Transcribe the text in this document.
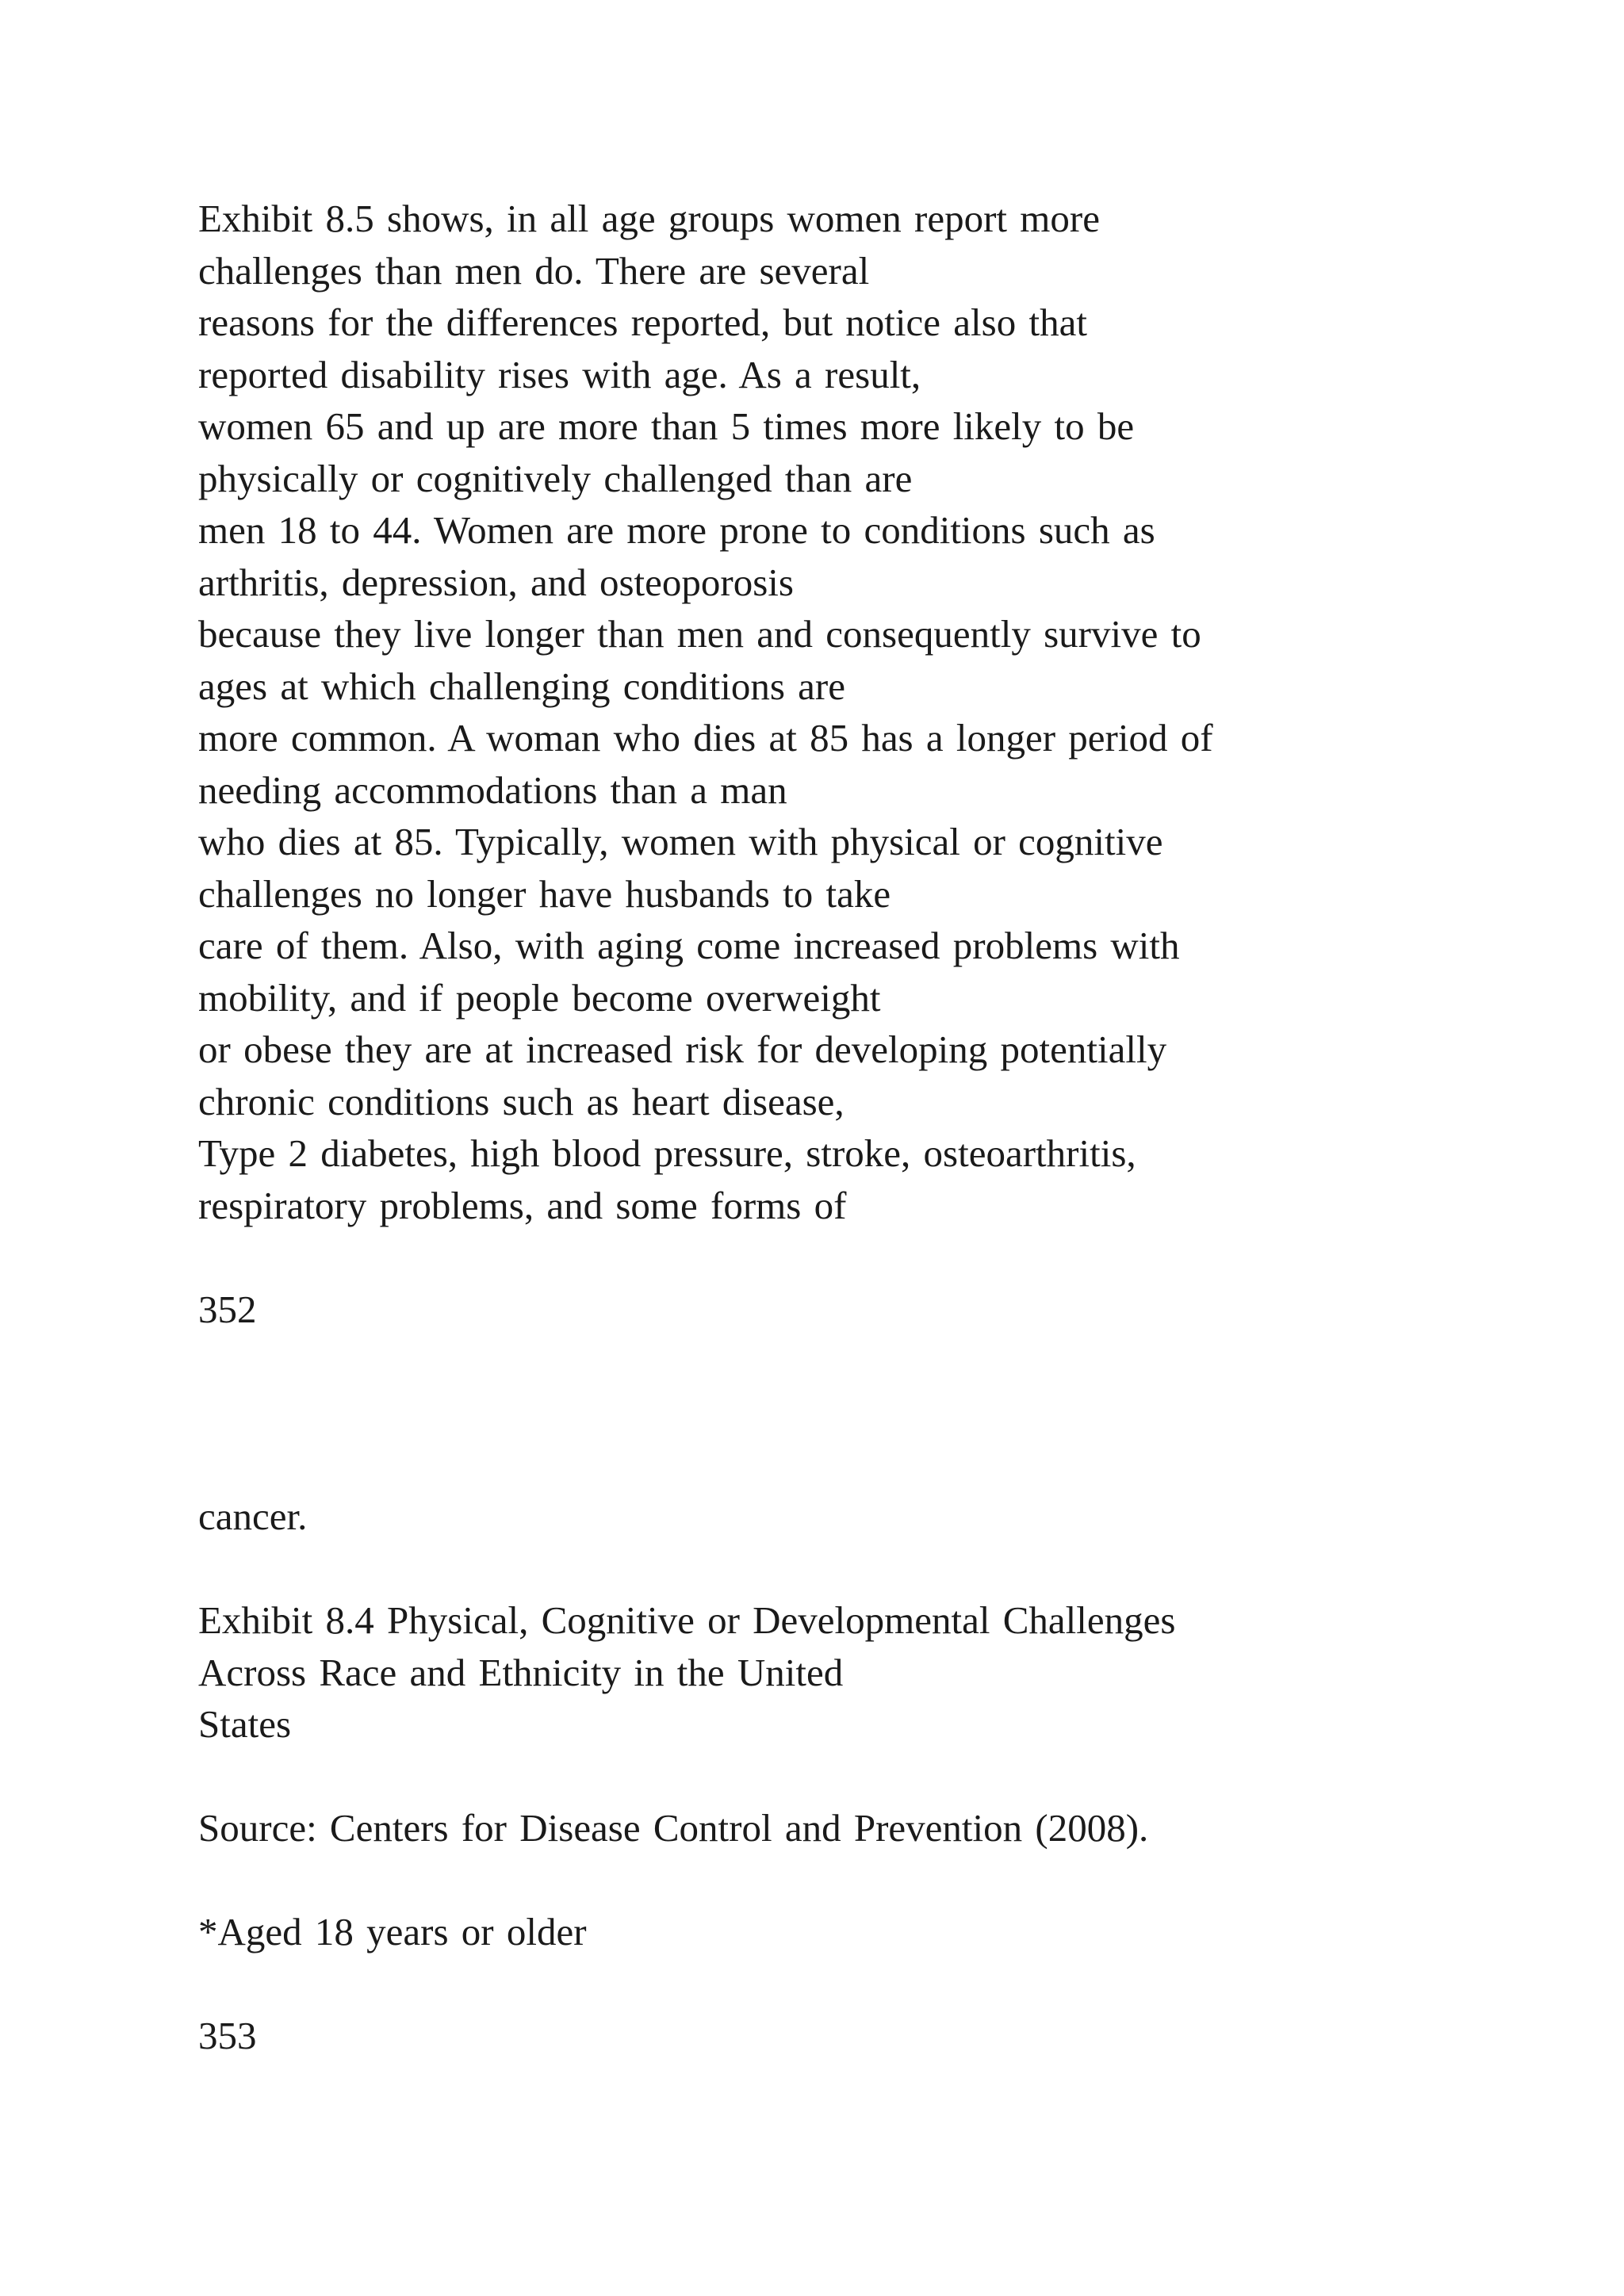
Exhibit 8.5 shows, in all age groups women report more
challenges than men do. There are several
reasons for the differences reported, but notice also that
reported disability rises with age. As a result,
women 65 and up are more than 5 times more likely to be
physically or cognitively challenged than are
men 18 to 44. Women are more prone to conditions such as
arthritis, depression, and osteoporosis
because they live longer than men and consequently survive to
ages at which challenging conditions are
more common. A woman who dies at 85 has a longer period of
needing accommodations than a man
who dies at 85. Typically, women with physical or cognitive
challenges no longer have husbands to take
care of them. Also, with aging come increased problems with
mobility, and if people become overweight
or obese they are at increased risk for developing potentially
chronic conditions such as heart disease,
Type 2 diabetes, high blood pressure, stroke, osteoarthritis,
respiratory problems, and some forms of
352
cancer.
Exhibit 8.4 Physical, Cognitive or Developmental Challenges
Across Race and Ethnicity in the United
States
Source: Centers for Disease Control and Prevention (2008).
*Aged 18 years or older
353
